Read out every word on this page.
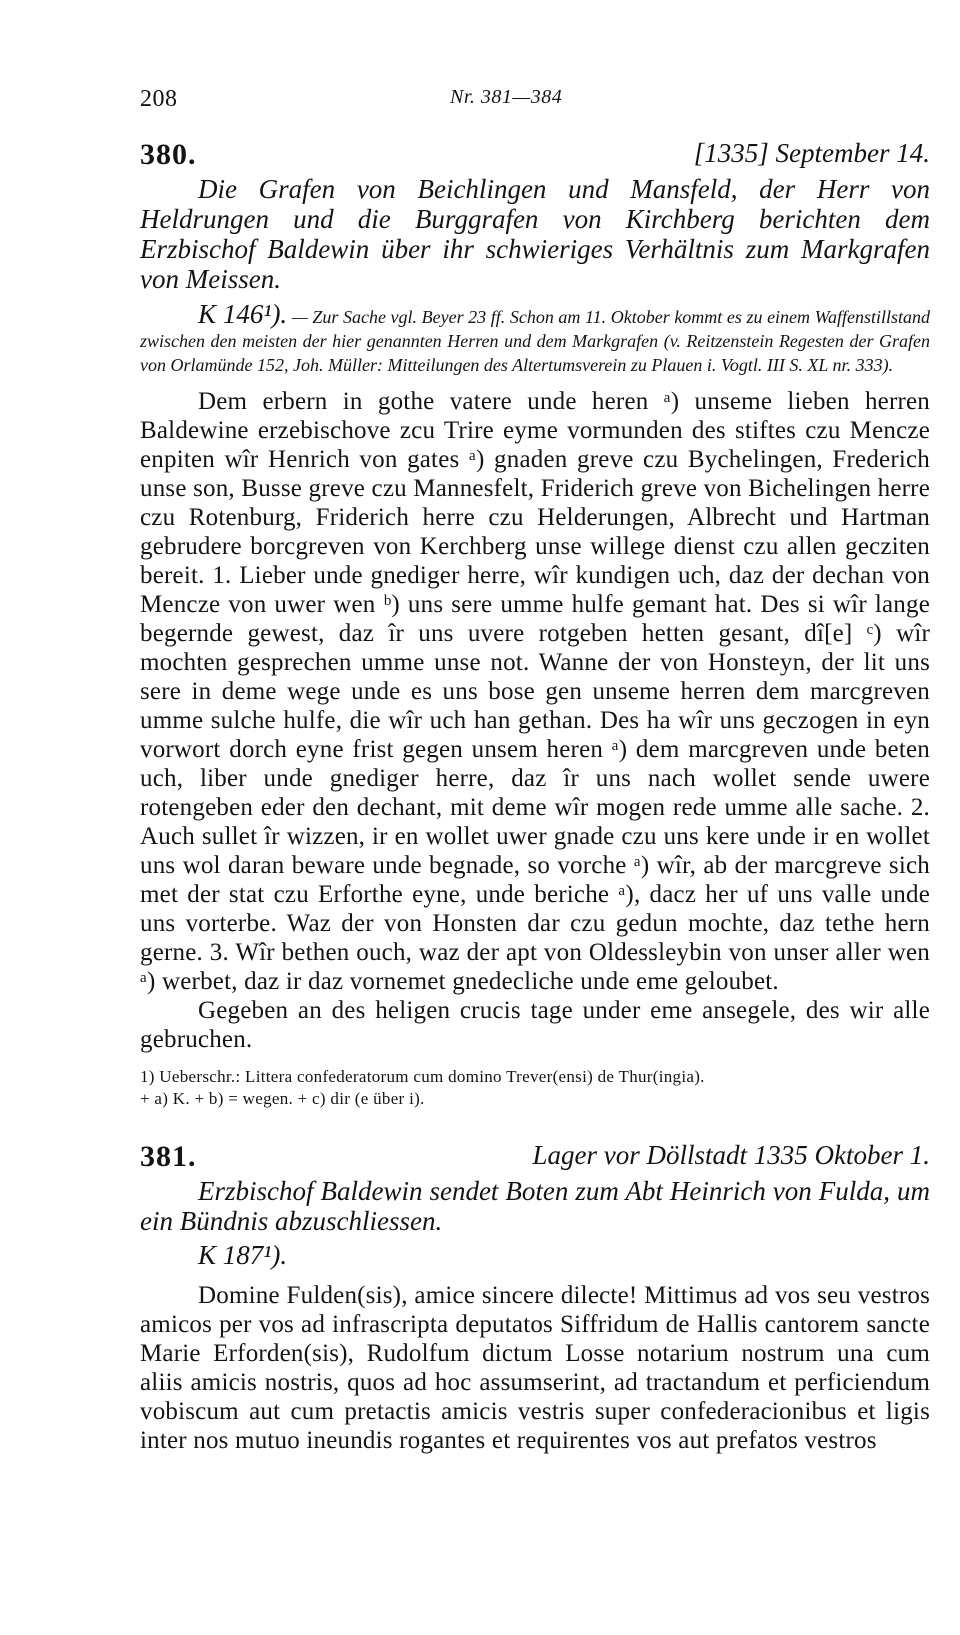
208	Nr. 381—384
380.	[1335] September 14.

Die Grafen von Beichlingen und Mansfeld, der Herr von Heldrungen und die Burggrafen von Kirchberg berichten dem Erzbischof Baldewin über ihr schwieriges Verhältnis zum Markgrafen von Meissen.

K 146¹). — Zur Sache vgl. Beyer 23 ff. Schon am 11. Oktober kommt es zu einem Waffenstillstand zwischen den meisten der hier genannten Herren und dem Markgrafen (v. Reitzenstein Regesten der Grafen von Orlamünde 152, Joh. Müller: Mitteilungen des Altertumsverein zu Plauen i. Vogtl. III S. XL nr. 333).

Dem erbern in gothe vatere unde heren ᵃ) unseme lieben herren Baldewine erzebischove zcu Trire eyme vormunden des stiftes czu Mencze enpiten wîr Henrich von gates ᵃ) gnaden greve czu Bychelingen, Frederich unse son, Busse greve czu Mannesfelt, Friderich greve von Bichelingen herre czu Rotenburg, Friderich herre czu Helderungen, Albrecht und Hartman gebrudere borcgreven von Kerchberg unse willege dienst czu allen gecziten bereit. 1. Lieber unde gnediger herre, wîr kundigen uch, daz der dechan von Mencze von uwer wen ᵇ) uns sere umme hulfe gemant hat. Des si wîr lange begernde gewest, daz îr uns uvere rotgeben hetten gesant, dî[e] ᶜ) wîr mochten gesprechen umme unse not. Wanne der von Honsteyn, der lit uns sere in deme wege unde es uns bose gen unseme herren dem marcgreven umme sulche hulfe, die wîr uch han gethan. Des ha wîr uns geczogen in eyn vorwort dorch eyne frist gegen unsem heren ᵃ) dem marcgreven unde beten uch, liber unde gnediger herre, daz îr uns nach wollet sende uwere rotengeben eder den dechant, mit deme wîr mogen rede umme alle sache. 2. Auch sullet îr wizzen, ir en wollet uwer gnade czu uns kere unde ir en wollet uns wol daran beware unde begnade, so vorche ᵃ) wîr, ab der marcgreve sich met der stat czu Erforthe eyne, unde beriche ᵃ), dacz her uf uns valle unde uns vorterbe. Waz der von Honsten dar czu gedun mochte, daz tethe hern gerne. 3. Wîr bethen ouch, waz der apt von Oldessleybin von unser aller wen ᵃ) werbet, daz ir daz vornemet gnedecliche unde eme geloubet.

Gegeben an des heligen crucis tage under eme ansegele, des wir alle gebruchen.

1) Ueberschr.: Littera confederatorum cum domino Trever(ensi) de Thur(ingia).

+ a) K. + b) = wegen. + c) dir (e über i).

381.	Lager vor Döllstadt 1335 Oktober 1.

Erzbischof Baldewin sendet Boten zum Abt Heinrich von Fulda, um ein Bündnis abzuschliessen.

K 187¹).

Domine Fulden(sis), amice sincere dilecte! Mittimus ad vos seu vestros amicos per vos ad infrascripta deputatos Siffridum de Hallis cantorem sancte Marie Erforden(sis), Rudolfum dictum Losse notarium nostrum una cum aliis amicis nostris, quos ad hoc assumserint, ad tractandum et perficiendum vobiscum aut cum pretactis amicis vestris super confederacionibus et ligis inter nos mutuo ineundis rogantes et requirentes vos aut prefatos vestros
